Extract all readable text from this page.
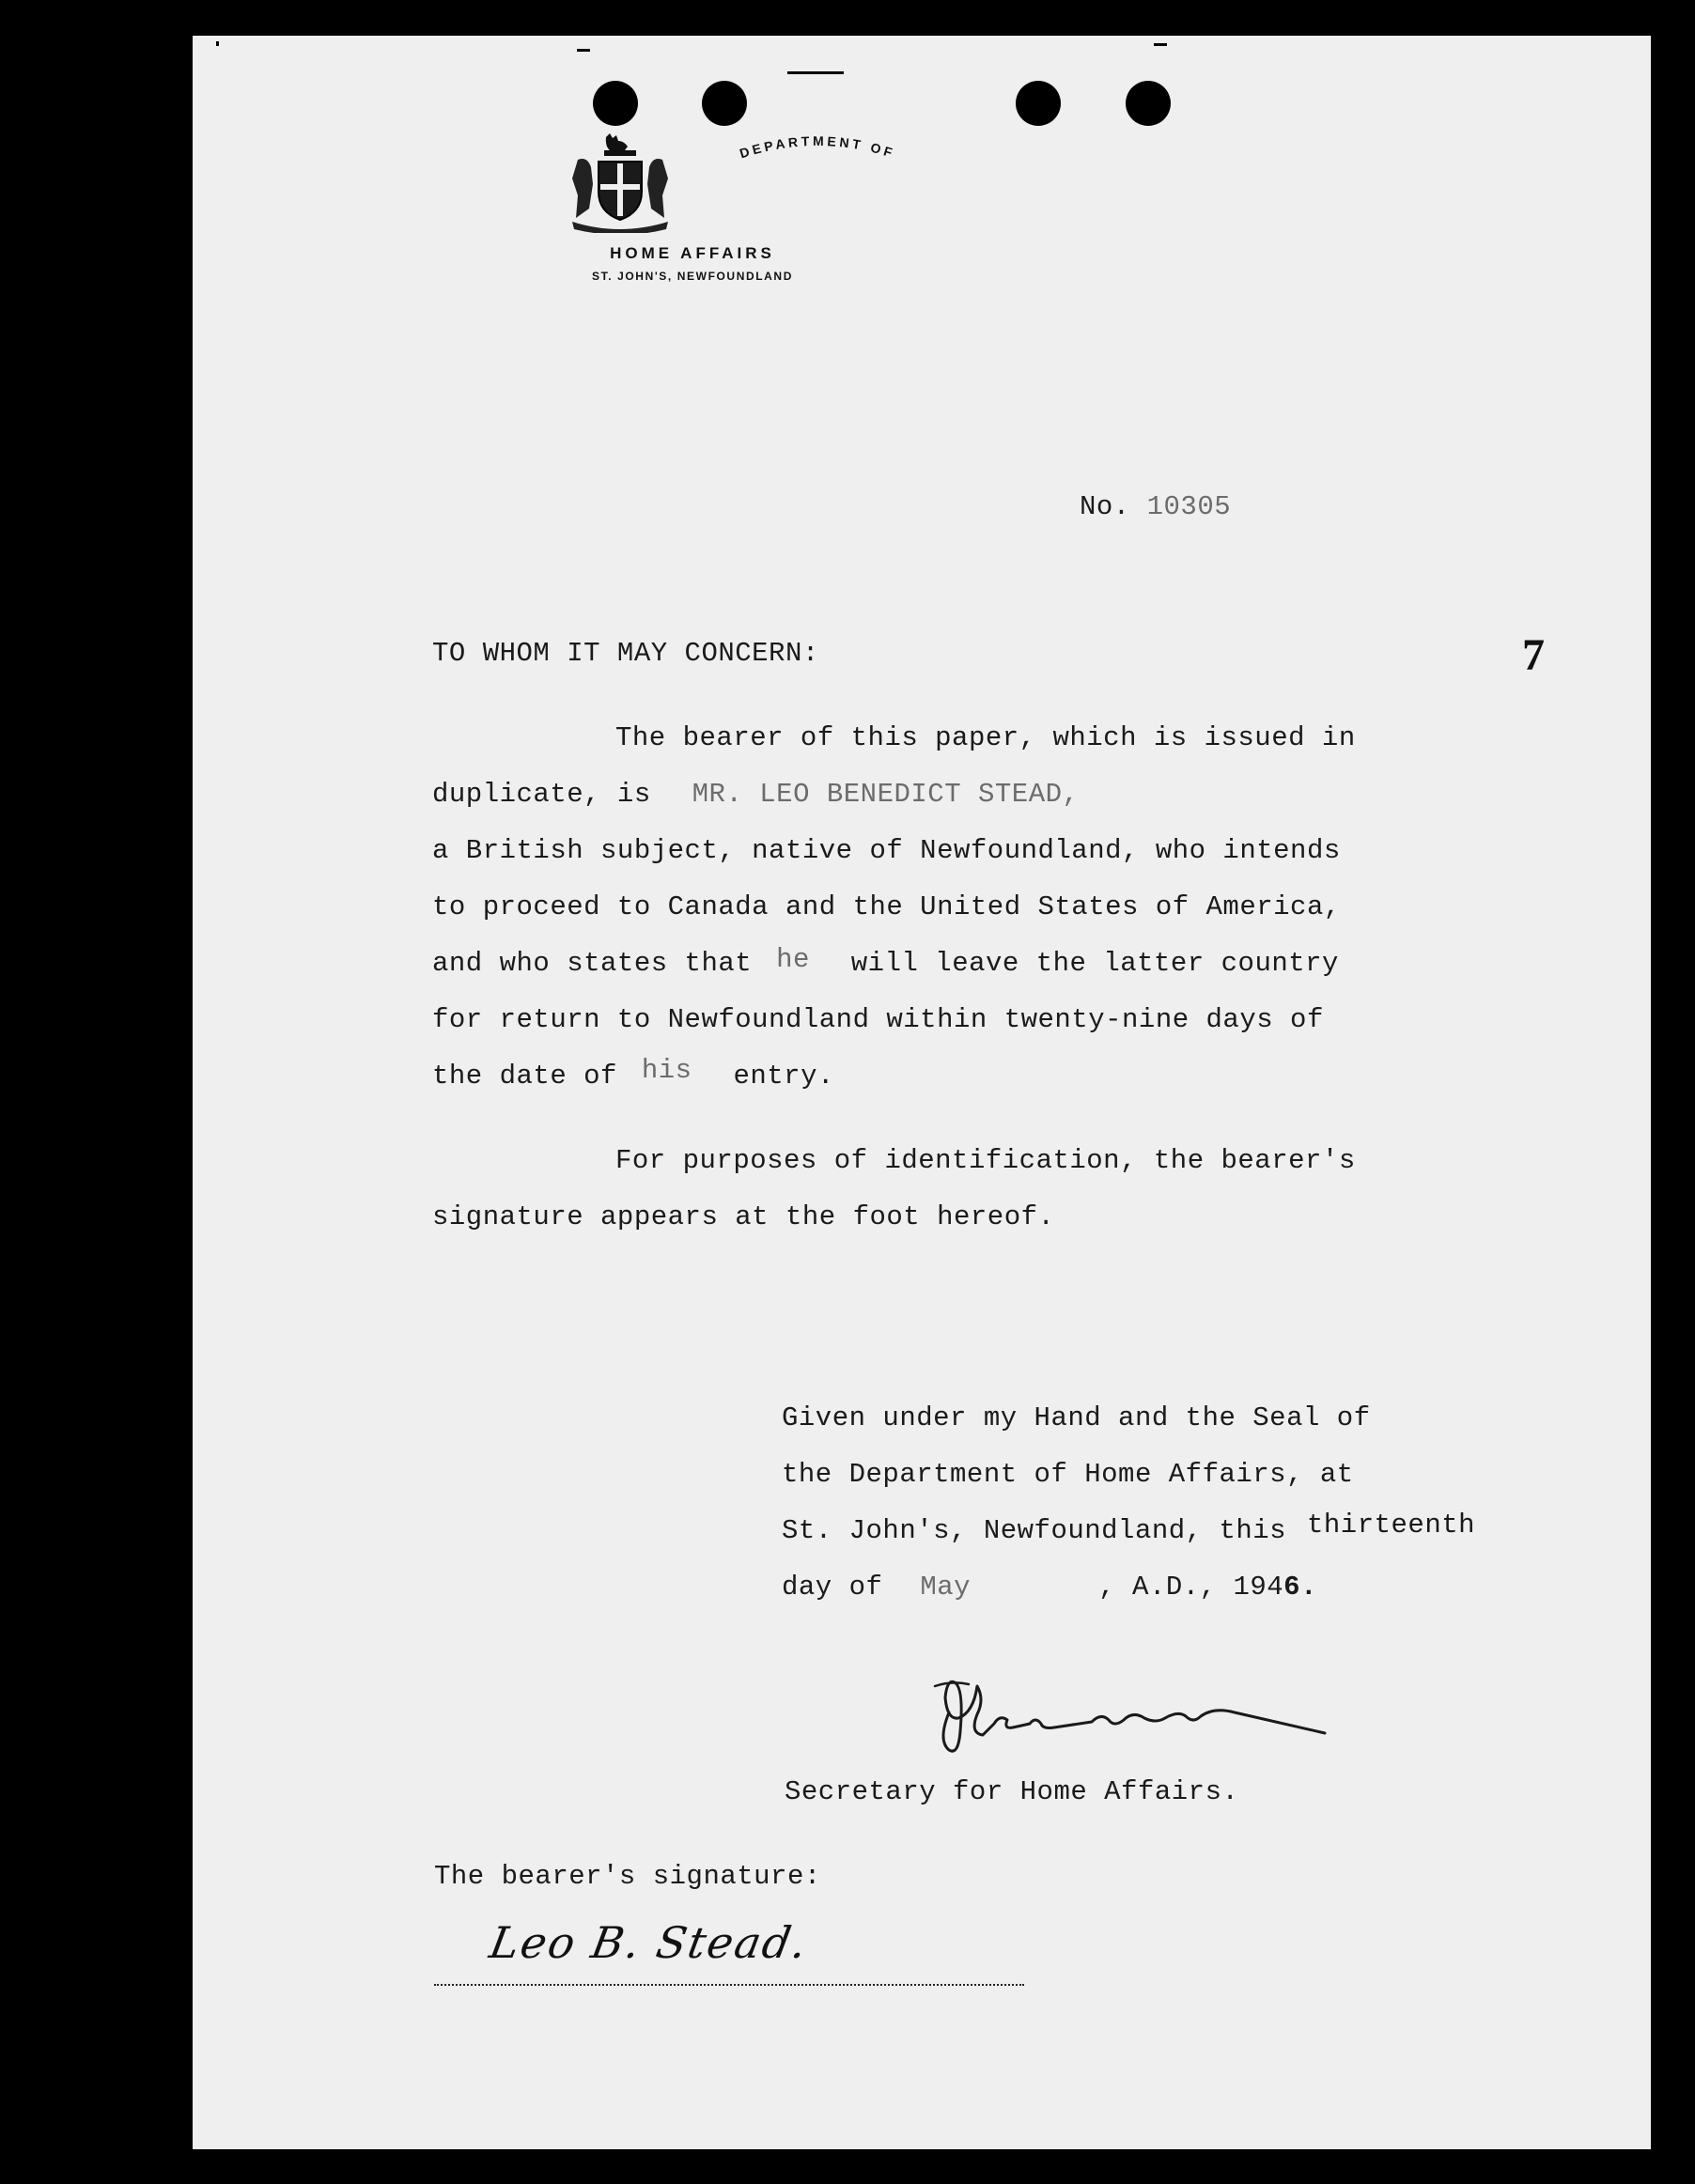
DEPARTMENT OF
HOME AFFAIRS
ST. JOHN'S, NEWFOUNDLAND
No. 10305
7
TO WHOM IT MAY CONCERN:
The bearer of this paper, which is issued in
duplicate, is MR. LEO BENEDICT STEAD,
a British subject, native of Newfoundland, who intends
to proceed to Canada and the United States of America,
and who states that he will leave the latter country
for return to Newfoundland within twenty-nine days of
the date of his entry.
For purposes of identification, the bearer's
signature appears at the foot hereof.
Given under my Hand and the Seal of
the Department of Home Affairs, at
St. John's, Newfoundland, this thirteenth
day of May	, A.D., 1946.
Secretary for Home Affairs.
The bearer's signature:
Leo B. Stead.
